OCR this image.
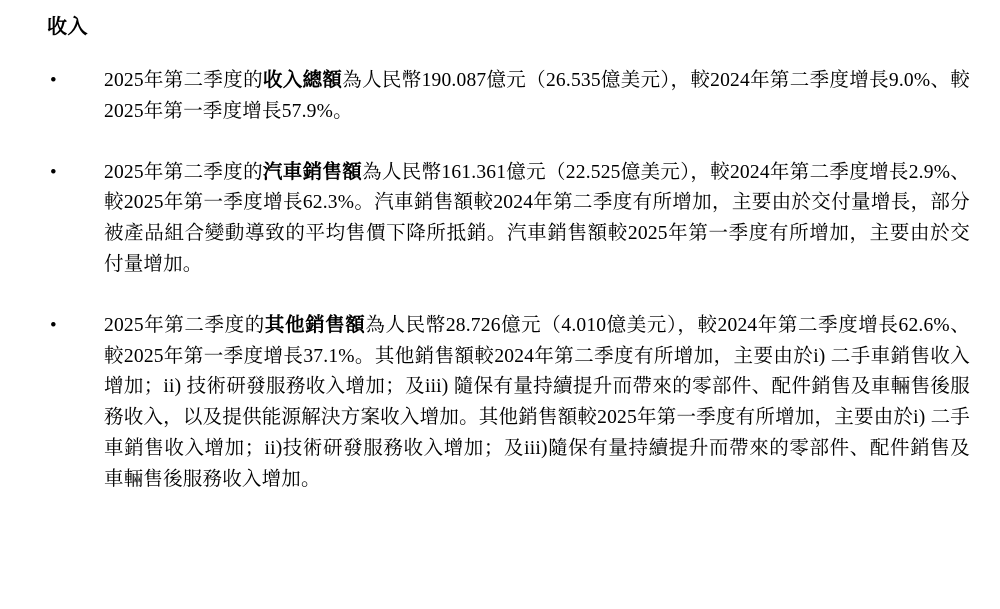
收入
• 2025年第二季度的收入總額為人民幣190.087億元（26.535億美元），較2024年第二季度增長9.0%、較2025年第一季度增長57.9%。

• 2025年第二季度的汽車銷售額為人民幣161.361億元（22.525億美元），較2024年第二季度增長2.9%、較2025年第一季度增長62.3%。汽車銷售額較2024年第二季度有所增加，主要由於交付量增長，部分被產品組合變動導致的平均售價下降所抵銷。汽車銷售額較2025年第一季度有所增加，主要由於交付量增加。

• 2025年第二季度的其他銷售額為人民幣28.726億元（4.010億美元），較2024年第二季度增長62.6%、較2025年第一季度增長37.1%。其他銷售額較2024年第二季度有所增加，主要由於i) 二手車銷售收入增加；ii) 技術研發服務收入增加；及iii) 隨保有量持續提升而帶來的零部件、配件銷售及車輛售後服務收入，以及提供能源解決方案收入增加。其他銷售額較2025年第一季度有所增加，主要由於i) 二手車銷售收入增加；ii)技術研發服務收入增加；及iii)隨保有量持續提升而帶來的零部件、配件銷售及車輛售後服務收入增加。
